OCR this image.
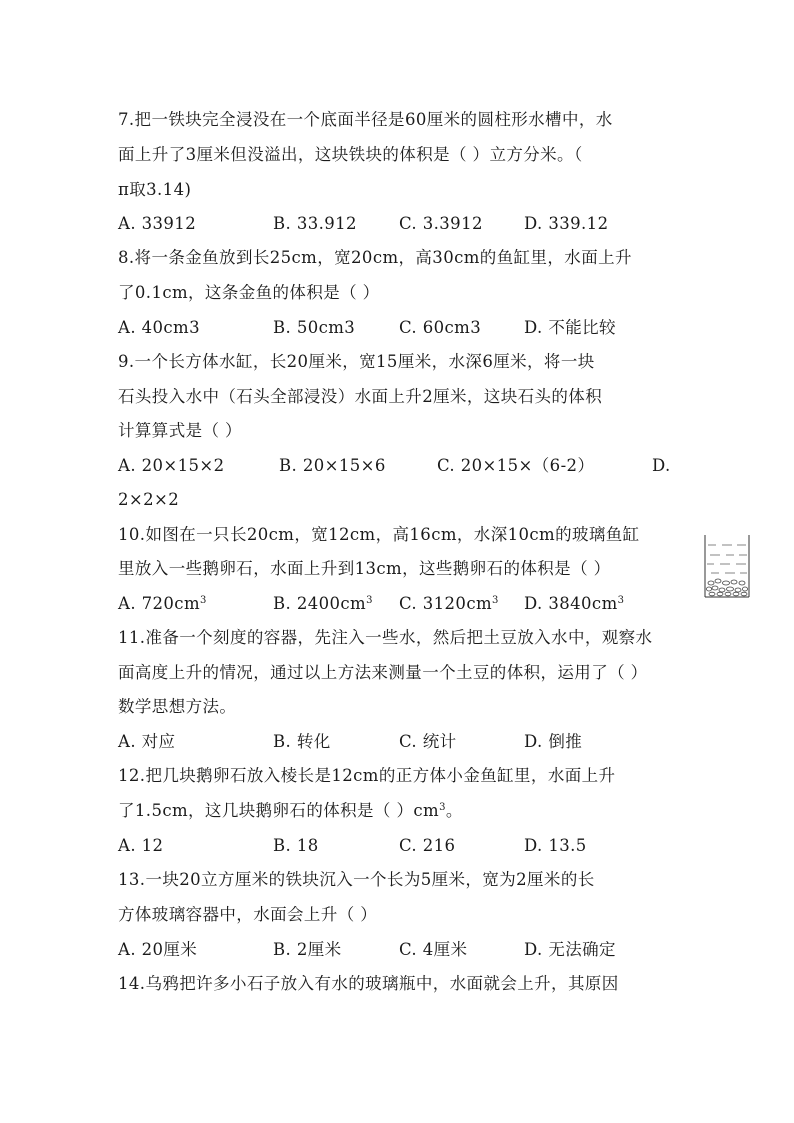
7.把一铁块完全浸没在一个底面半径是60厘米的圆柱形水槽中，水
面上升了3厘米但没溢出，这块铁块的体积是（ ）立方分米。（
π取3.14)
A. 33912	B. 33.912	C. 3.3912 D. 339.12
8.将一条金鱼放到长25cm，宽20cm，高30cm的鱼缸里，水面上升
了0.1cm，这条金鱼的体积是（ ）
A. 40cm3	B. 50cm3	C. 60cm3	D. 不能比较
9.一个长方体水缸，长20厘米，宽15厘米，水深6厘米，将一块
石头投入水中（石头全部浸没）水面上升2厘米，这块石头的体积
计算算式是（ ）
A. 20×15×2	B. 20×15×6	C. 20×15×（6-2）	D.
2×2×2
10.如图在一只长20cm，宽12cm，高16cm，水深10cm的玻璃鱼缸
里放入一些鹅卵石，水面上升到13cm，这些鹅卵石的体积是（ ）
A. $720cm^3$	B. $2400cm^3$ C. $3120cm^3$ D. $3840cm^3$
11.准备一个刻度的容器，先注入一些水，然后把土豆放入水中，观察水
面高度上升的情况，通过以上方法来测量一个土豆的体积，运用了（ ）
数学思想方法。
A. 对应	B. 转化	C. 统计	D. 倒推
12.把几块鹅卵石放入棱长是12cm的正方体小金鱼缸里，水面上升
了1.5cm，这几块鹅卵石的体积是（ ）$cm^3$。
A. 12	B. 18	C. 216	D. 13.5
13.一块20立方厘米的铁块沉入一个长为5厘米，宽为2厘米的长
方体玻璃容器中，水面会上升（ ）
A. 20厘米	B. 2厘米	C. 4厘米	D. 无法确定
14.乌鸦把许多小石子放入有水的玻璃瓶中，水面就会上升，其原因
